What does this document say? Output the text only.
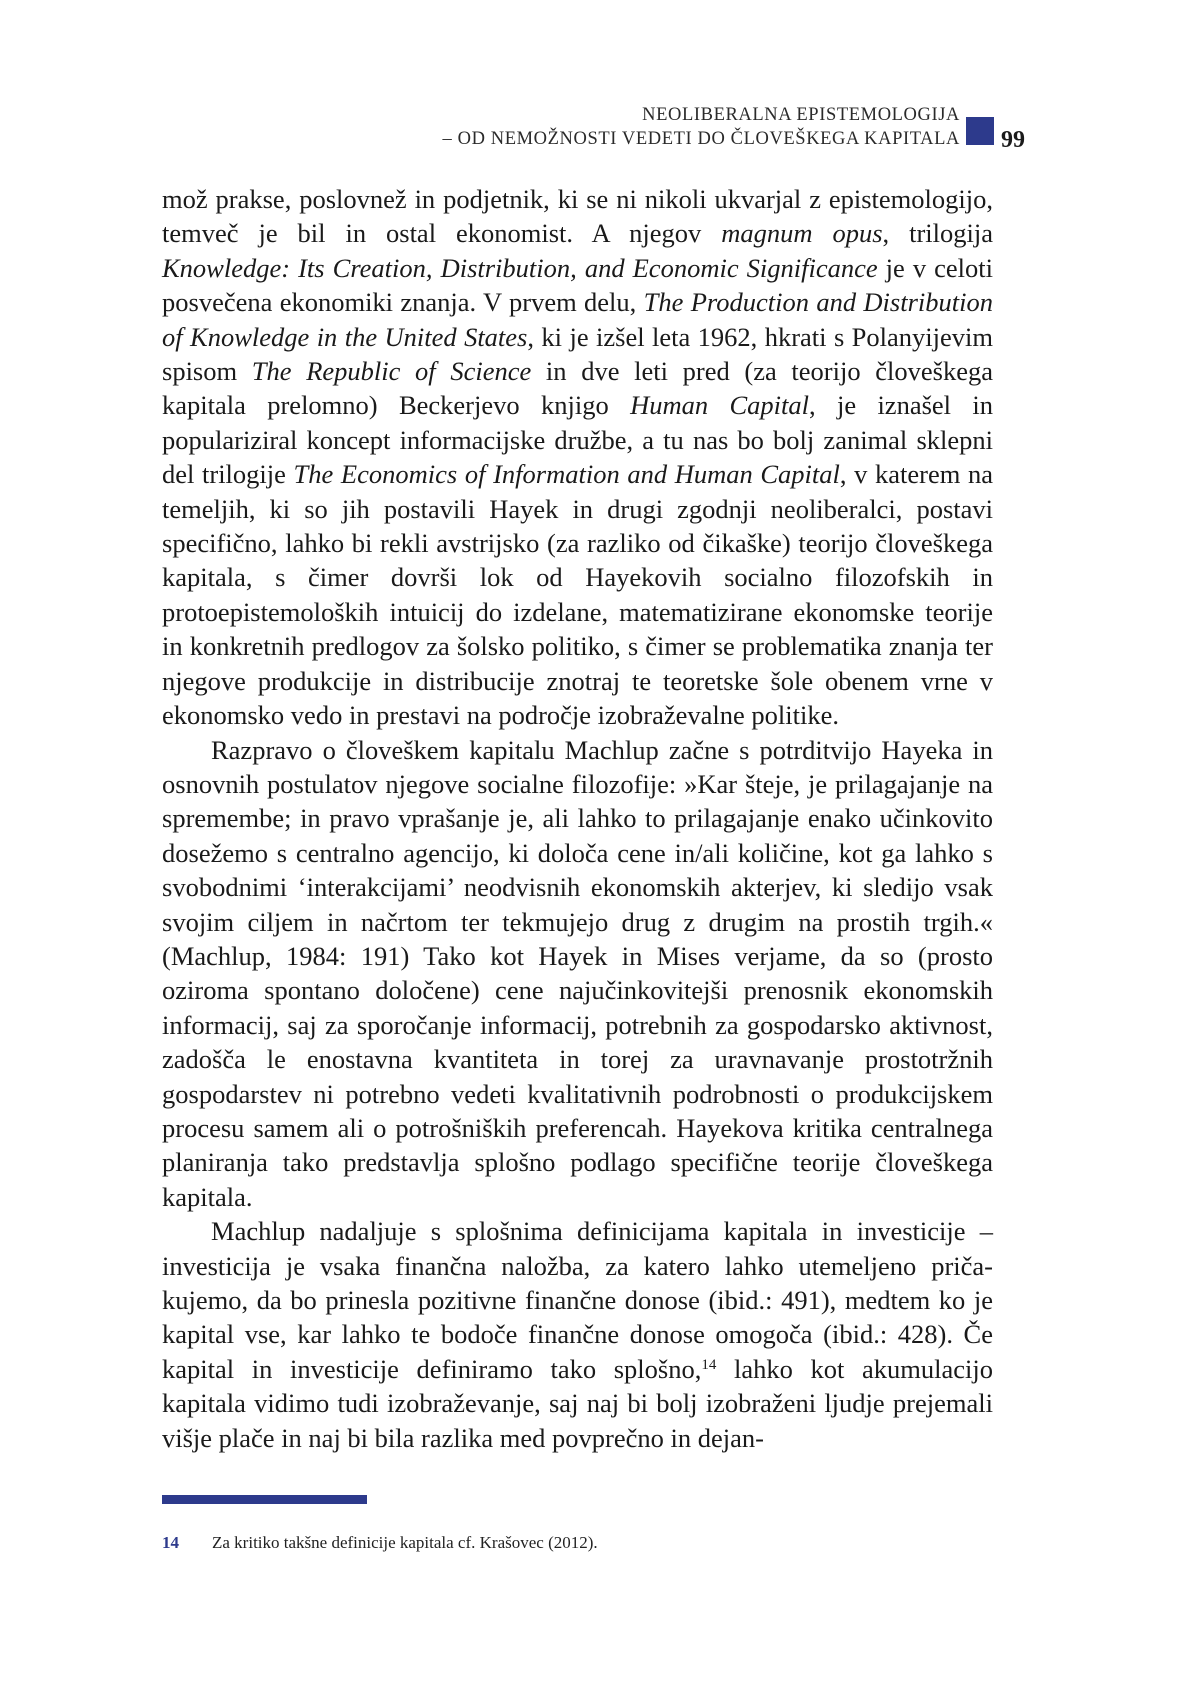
NEOLIBERALNA EPISTEMOLOGIJA
– OD NEMOŽNOSTI VEDETI DO ČLOVEŠKEGA KAPITALA 99

mož prakse, poslovnež in podjetnik, ki se ni nikoli ukvarjal z epistemologijo, temveč je bil in ostal ekonomist. A njegov magnum opus, trilogija Knowledge: Its Creation, Distribution, and Economic Significance je v celoti posvečena ekonomiki znanja. V prvem delu, The Production and Distribution of Knowledge in the United States, ki je izšel leta 1962, hkrati s Polanyijevim spisom The Republic of Science in dve leti pred (za teorijo človeškega kapitala prelomno) Beckerjevo knjigo Human Capital, je iznašel in populariziral koncept informacijske družbe, a tu nas bo bolj zanimal sklepni del trilogije The Economics of Information and Human Capital, v katerem na temeljih, ki so jih postavili Hayek in drugi zgodnji neoliberalci, postavi specifično, lahko bi rekli avstrijsko (za razliko od čikaške) teorijo človeškega kapitala, s čimer dovrši lok od Hayekovih socialno filozofskih in protoepistemoloških intuicij do izdelane, matematizirane ekonomske teorije in konkretnih predlogov za šolsko politiko, s čimer se problematika znanja ter njegove produkcije in distribucije znotraj te teoretske šole obenem vrne v ekonomsko vedo in prestavi na področje izobraževalne politike.

Razpravo o človeškem kapitalu Machlup začne s potrditvijo Hayeka in osnovnih postulatov njegove socialne filozofije: »Kar šteje, je prilagajanje na spremembe; in pravo vprašanje je, ali lahko to prilagajanje enako učinkovito dosežemo s centralno agencijo, ki določa cene in/ali količine, kot ga lahko s svobodnimi ‘interakcijami’ neodvisnih ekonomskih akterjev, ki sledijo vsak svojim ciljem in načrtom ter tekmujejo drug z drugim na prostih trgih.« (Machlup, 1984: 191) Tako kot Hayek in Mises verjame, da so (prosto oziroma spontano določene) cene najučinkovitejši prenosnik ekonomskih informacij, saj za sporočanje informacij, potrebnih za gospodarsko aktivnost, zadošča le enostavna kvantiteta in torej za uravnavanje prostotržnih gospodarstev ni potrebno vedeti kvalitativnih podrobnosti o produkcijskem procesu samem ali o potrošniških preferencah. Hayekova kritika centralnega planiranja tako predstavlja splošno podlago specifične teorije človeškega kapitala.

Machlup nadaljuje s splošnima definicijama kapitala in investicije – investicija je vsaka finančna naložba, za katero lahko utemeljeno pričakujemo, da bo prinesla pozitivne finančne donose (ibid.: 491), medtem ko je kapital vse, kar lahko te bodoče finančne donose omogoča (ibid.: 428). Če kapital in investicije definiramo tako splošno,$^{14}$ lahko kot akumulacijo kapitala vidimo tudi izobraževanje, saj naj bi bolj izobraženi ljudje prejemali višje plače in naj bi bila razlika med povprečno in dejan-

14 Za kritiko takšne definicije kapitala cf. Krašovec (2012).
